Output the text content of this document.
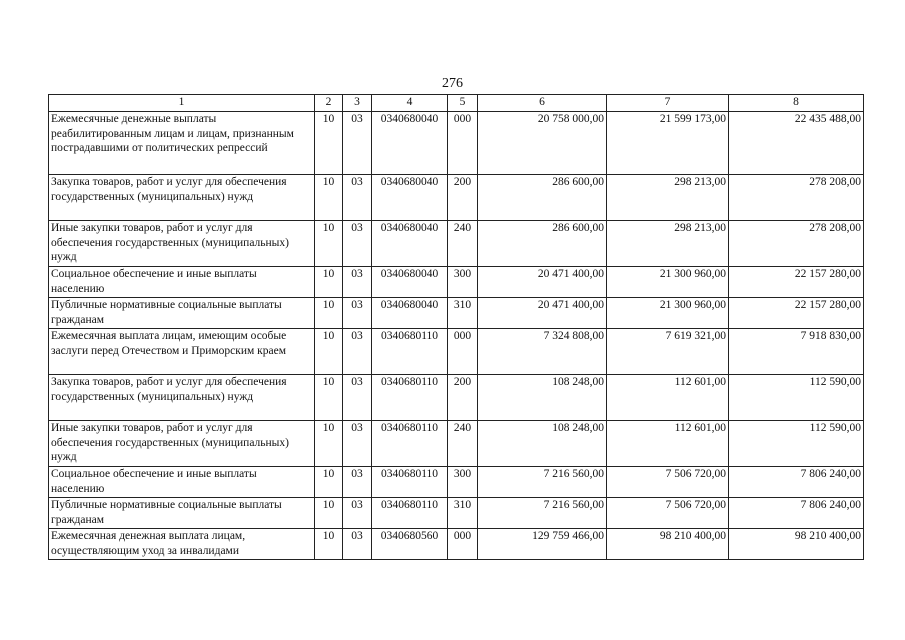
276
1	2	3	4	5	6	7	8
Ежемесячные денежные выплаты реабилитированным лицам и лицам, признанным пострадавшими от политических репрессий	10	03	0340680040	000	20 758 000,00	21 599 173,00	22 435 488,00
Закупка товаров, работ и услуг для обеспечения государственных (муниципальных) нужд	10	03	0340680040	200	286 600,00	298 213,00	278 208,00
Иные закупки товаров, работ и услуг для обеспечения государственных (муниципальных) нужд	10	03	0340680040	240	286 600,00	298 213,00	278 208,00
Социальное обеспечение и иные выплаты населению	10	03	0340680040	300	20 471 400,00	21 300 960,00	22 157 280,00
Публичные нормативные социальные выплаты гражданам	10	03	0340680040	310	20 471 400,00	21 300 960,00	22 157 280,00
Ежемесячная выплата лицам, имеющим особые заслуги перед Отечеством и Приморским краем	10	03	0340680110	000	7 324 808,00	7 619 321,00	7 918 830,00
Закупка товаров, работ и услуг для обеспечения государственных (муниципальных) нужд	10	03	0340680110	200	108 248,00	112 601,00	112 590,00
Иные закупки товаров, работ и услуг для обеспечения государственных (муниципальных) нужд	10	03	0340680110	240	108 248,00	112 601,00	112 590,00
Социальное обеспечение и иные выплаты населению	10	03	0340680110	300	7 216 560,00	7 506 720,00	7 806 240,00
Публичные нормативные социальные выплаты гражданам	10	03	0340680110	310	7 216 560,00	7 506 720,00	7 806 240,00
Ежемесячная денежная выплата лицам, осуществляющим уход за инвалидами	10	03	0340680560	000	129 759 466,00	98 210 400,00	98 210 400,00
